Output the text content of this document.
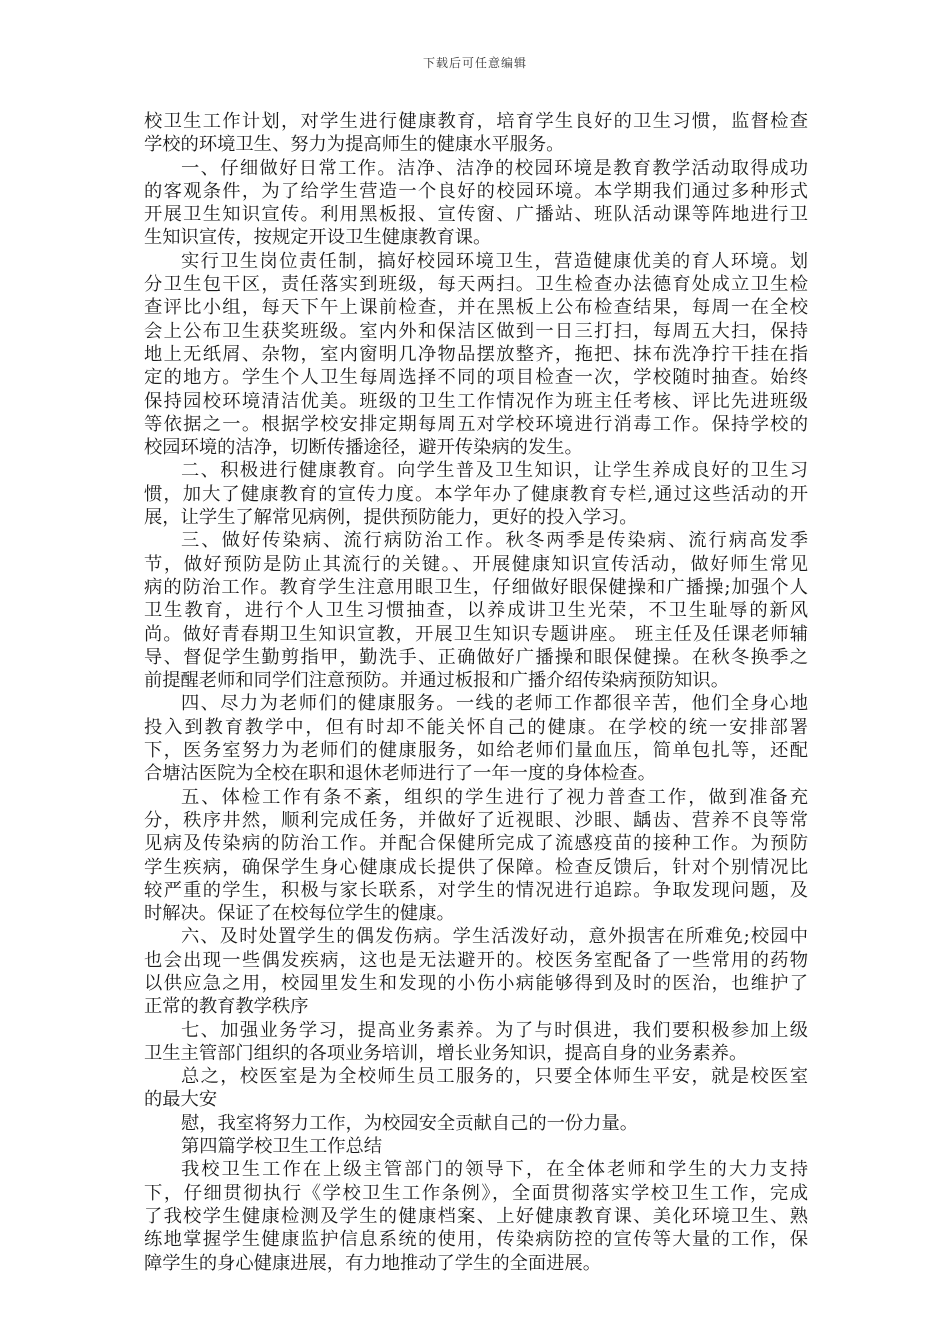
下载后可任意编辑
校卫生工作计划，对学生进行健康教育，培育学生良好的卫生习惯，监督检查
学校的环境卫生、努力为提高师生的健康水平服务。
一、仔细做好日常工作。洁净、洁净的校园环境是教育教学活动取得成功
的客观条件，为了给学生营造一个良好的校园环境。本学期我们通过多种形式
开展卫生知识宣传。利用黑板报、宣传窗、广播站、班队活动课等阵地进行卫
生知识宣传，按规定开设卫生健康教育课。
实行卫生岗位责任制，搞好校园环境卫生，营造健康优美的育人环境。划
分卫生包干区，责任落实到班级，每天两扫。卫生检查办法德育处成立卫生检
查评比小组，每天下午上课前检查，并在黑板上公布检查结果，每周一在全校
会上公布卫生获奖班级。室内外和保洁区做到一日三打扫，每周五大扫，保持
地上无纸屑、杂物，室内窗明几净物品摆放整齐，拖把、抹布洗净拧干挂在指
定的地方。学生个人卫生每周选择不同的项目检查一次，学校随时抽查。始终
保持园校环境清洁优美。班级的卫生工作情况作为班主任考核、评比先进班级
等依据之一。根据学校安排定期每周五对学校环境进行消毒工作。保持学校的
校园环境的洁净，切断传播途径，避开传染病的发生。
二、积极进行健康教育。向学生普及卫生知识，让学生养成良好的卫生习
惯，加大了健康教育的宣传力度。本学年办了健康教育专栏,通过这些活动的开
展，让学生了解常见病例，提供预防能力，更好的投入学习。
三、做好传染病、流行病防治工作。秋冬两季是传染病、流行病高发季
节，做好预防是防止其流行的关键。、开展健康知识宣传活动，做好师生常见
病的防治工作。教育学生注意用眼卫生，仔细做好眼保健操和广播操;加强个人
卫生教育，进行个人卫生习惯抽查，以养成讲卫生光荣，不卫生耻辱的新风
尚。做好青春期卫生知识宣教，开展卫生知识专题讲座。 班主任及任课老师辅
导、督促学生勤剪指甲，勤洗手、正确做好广播操和眼保健操。在秋冬换季之
前提醒老师和同学们注意预防。并通过板报和广播介绍传染病预防知识。
四、尽力为老师们的健康服务。一线的老师工作都很辛苦，他们全身心地
投入到教育教学中，但有时却不能关怀自己的健康。在学校的统一安排部署
下，医务室努力为老师们的健康服务，如给老师们量血压，简单包扎等，还配
合塘沽医院为全校在职和退休老师进行了一年一度的身体检查。
五、体检工作有条不紊，组织的学生进行了视力普查工作，做到准备充
分，秩序井然，顺利完成任务，并做好了近视眼、沙眼、龋齿、营养不良等常
见病及传染病的防治工作。并配合保健所完成了流感疫苗的接种工作。为预防
学生疾病，确保学生身心健康成长提供了保障。检查反馈后，针对个别情况比
较严重的学生，积极与家长联系，对学生的情况进行追踪。争取发现问题，及
时解决。保证了在校每位学生的健康。
六、及时处置学生的偶发伤病。学生活泼好动，意外损害在所难免;校园中
也会出现一些偶发疾病，这也是无法避开的。校医务室配备了一些常用的药物
以供应急之用，校园里发生和发现的小伤小病能够得到及时的医治，也维护了
正常的教育教学秩序
七、加强业务学习，提高业务素养。为了与时俱进，我们要积极参加上级
卫生主管部门组织的各项业务培训，增长业务知识，提高自身的业务素养。
总之，校医室是为全校师生员工服务的，只要全体师生平安，就是校医室
的最大安
慰，我室将努力工作，为校园安全贡献自己的一份力量。
第四篇学校卫生工作总结
我校卫生工作在上级主管部门的领导下，在全体老师和学生的大力支持
下，仔细贯彻执行《学校卫生工作条例》，全面贯彻落实学校卫生工作，完成
了我校学生健康检测及学生的健康档案、上好健康教育课、美化环境卫生、熟
练地掌握学生健康监护信息系统的使用，传染病防控的宣传等大量的工作，保
障学生的身心健康进展，有力地推动了学生的全面进展。
